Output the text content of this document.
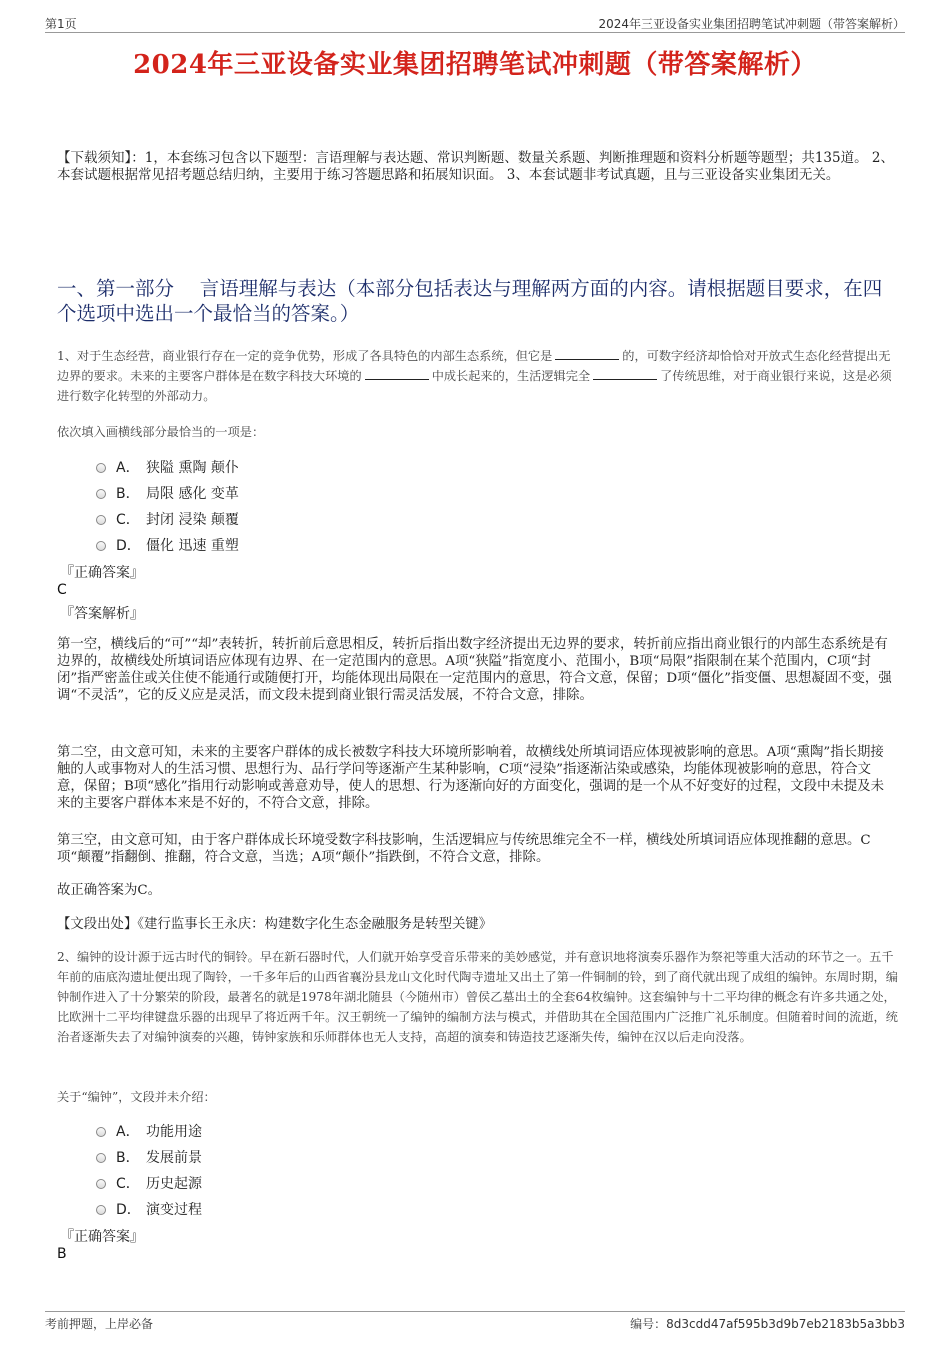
第1页	2024年三亚设备实业集团招聘笔试冲刺题（带答案解析）
2024年三亚设备实业集团招聘笔试冲刺题（带答案解析）
【下载须知】：1，本套练习包含以下题型：言语理解与表达题、常识判断题、数量关系题、判断推理题和资料分析题等题型；共135道。 2、本套试题根据常见招考题总结归纳，主要用于练习答题思路和拓展知识面。 3、本套试题非考试真题，且与三亚设备实业集团无关。
一、第一部分　 言语理解与表达（本部分包括表达与理解两方面的内容。请根据题目要求，在四个选项中选出一个最恰当的答案。）
1、对于生态经营，商业银行存在一定的竞争优势，形成了各具特色的内部生态系统，但它是	的，可数字经济却恰恰对开放式生态化经营提出无边界的要求。未来的主要客户群体是在数字科技大环境的	中成长起来的，生活逻辑完全	了传统思维，对于商业银行来说，这是必须进行数字化转型的外部动力。
依次填入画横线部分最恰当的一项是：
A． 狭隘 熏陶 颠仆
B． 局限 感化 变革
C． 封闭 浸染 颠覆
D． 僵化 迅速 重塑
『正确答案』
C
『答案解析』
第一空，横线后的“可”“却”表转折，转折前后意思相反，转折后指出数字经济提出无边界的要求，转折前应指出商业银行的内部生态系统是有边界的，故横线处所填词语应体现有边界、在一定范围内的意思。A项“狭隘”指宽度小、范围小，B项“局限”指限制在某个范围内，C项“封闭”指严密盖住或关住使不能通行或随便打开，均能体现出局限在一定范围内的意思，符合文意，保留；D项“僵化”指变僵、思想凝固不变，强调“不灵活”，它的反义应是灵活，而文段未提到商业银行需灵活发展，不符合文意，排除。
第二空，由文意可知，未来的主要客户群体的成长被数字科技大环境所影响着，故横线处所填词语应体现被影响的意思。A项“熏陶”指长期接触的人或事物对人的生活习惯、思想行为、品行学问等逐渐产生某种影响，C项“浸染”指逐渐沾染或感染，均能体现被影响的意思，符合文意，保留；B项“感化”指用行动影响或善意劝导，使人的思想、行为逐渐向好的方面变化，强调的是一个从不好变好的过程，文段中未提及未来的主要客户群体本来是不好的，不符合文意，排除。
第三空，由文意可知，由于客户群体成长环境受数字科技影响，生活逻辑应与传统思维完全不一样，横线处所填词语应体现推翻的意思。C项“颠覆”指翻倒、推翻，符合文意，当选；A项“颠仆”指跌倒，不符合文意，排除。
故正确答案为C。
【文段出处】《建行监事长王永庆：构建数字化生态金融服务是转型关键》
2、编钟的设计源于远古时代的铜铃。早在新石器时代，人们就开始享受音乐带来的美妙感觉，并有意识地将演奏乐器作为祭祀等重大活动的环节之一。五千年前的庙底沟遗址便出现了陶铃，一千多年后的山西省襄汾县龙山文化时代陶寺遗址又出土了第一件铜制的铃，到了商代就出现了成组的编钟。东周时期，编钟制作进入了十分繁荣的阶段，最著名的就是1978年湖北随县（今随州市）曾侯乙墓出土的全套64枚编钟。这套编钟与十二平均律的概念有许多共通之处，比欧洲十二平均律键盘乐器的出现早了将近两千年。汉王朝统一了编钟的编制方法与模式，并借助其在全国范围内广泛推广礼乐制度。但随着时间的流逝，统治者逐渐失去了对编钟演奏的兴趣，铸钟家族和乐师群体也无人支持，高超的演奏和铸造技艺逐渐失传，编钟在汉以后走向没落。
关于“编钟”，文段并未介绍：
A． 功能用途
B． 发展前景
C． 历史起源
D． 演变过程
『正确答案』
B
考前押题，上岸必备	编号：8d3cdd47af595b3d9b7eb2183b5a3bb3
